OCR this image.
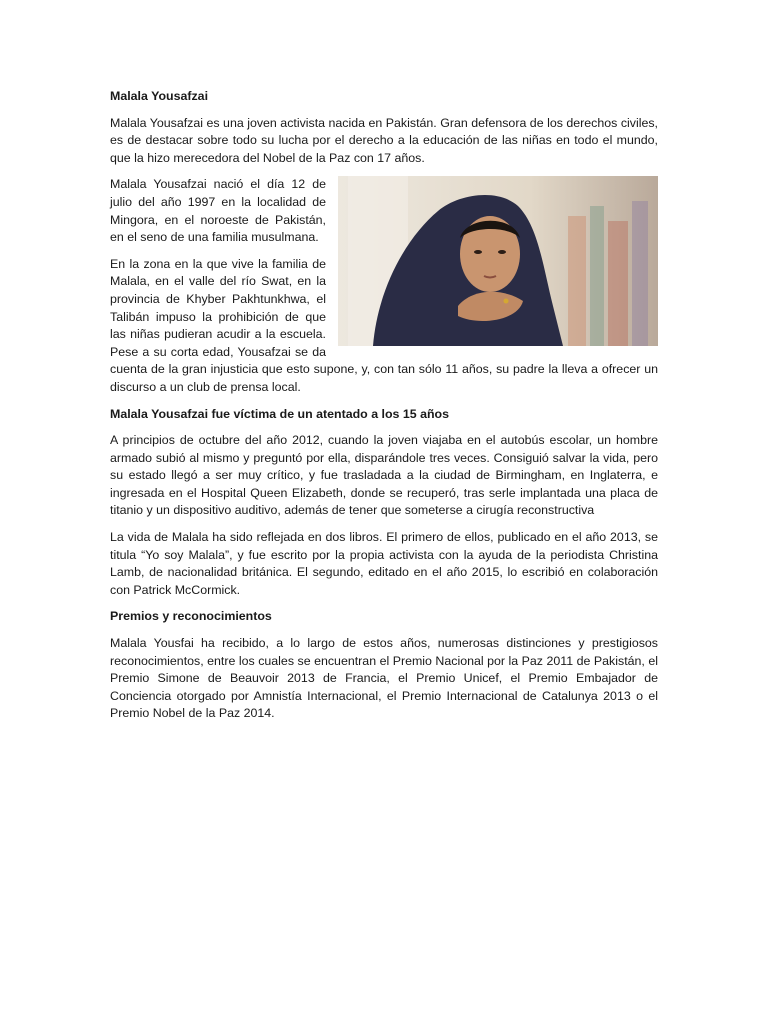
Malala Yousafzai

Malala Yousafzai es una joven activista nacida en Pakistán. Gran defensora de los derechos civiles, es de destacar sobre todo su lucha por el derecho a la educación de las niñas en todo el mundo, que la hizo merecedora del Nobel de la Paz con 17 años.

Malala Yousafzai nació el día 12 de julio del año 1997 en la localidad de Mingora, en el noroeste de Pakistán, en el seno de una familia musulmana.

En la zona en la que vive la familia de Malala, en el valle del río Swat, en la provincia de Khyber Pakhtunkhwa, el Talibán impuso la prohibición de que las niñas pudieran acudir a la escuela. Pese a su corta edad, Yousafzai se da cuenta de la gran injusticia que esto supone, y, con tan sólo 11 años, su padre la lleva a ofrecer un discurso a un club de prensa local.

Malala Yousafzai fue víctima de un atentado a los 15 años

A principios de octubre del año 2012, cuando la joven viajaba en el autobús escolar, un hombre armado subió al mismo y preguntó por ella, disparándole tres veces. Consiguió salvar la vida, pero su estado llegó a ser muy crítico, y fue trasladada a la ciudad de Birmingham, en Inglaterra, e ingresada en el Hospital Queen Elizabeth, donde se recuperó, tras serle implantada una placa de titanio y un dispositivo auditivo, además de tener que someterse a cirugía reconstructiva

La vida de Malala ha sido reflejada en dos libros. El primero de ellos, publicado en el año 2013, se titula “Yo soy Malala”, y fue escrito por la propia activista con la ayuda de la periodista Christina Lamb, de nacionalidad británica. El segundo, editado en el año 2015, lo escribió en colaboración con Patrick McCormick.

Premios y reconocimientos

Malala Yousfai ha recibido, a lo largo de estos años, numerosas distinciones y prestigiosos reconocimientos, entre los cuales se encuentran el Premio Nacional por la Paz 2011 de Pakistán, el Premio Simone de Beauvoir 2013 de Francia, el Premio Unicef, el Premio Embajador de Conciencia otorgado por Amnistía Internacional, el Premio Internacional de Catalunya 2013 o el Premio Nobel de la Paz 2014.
